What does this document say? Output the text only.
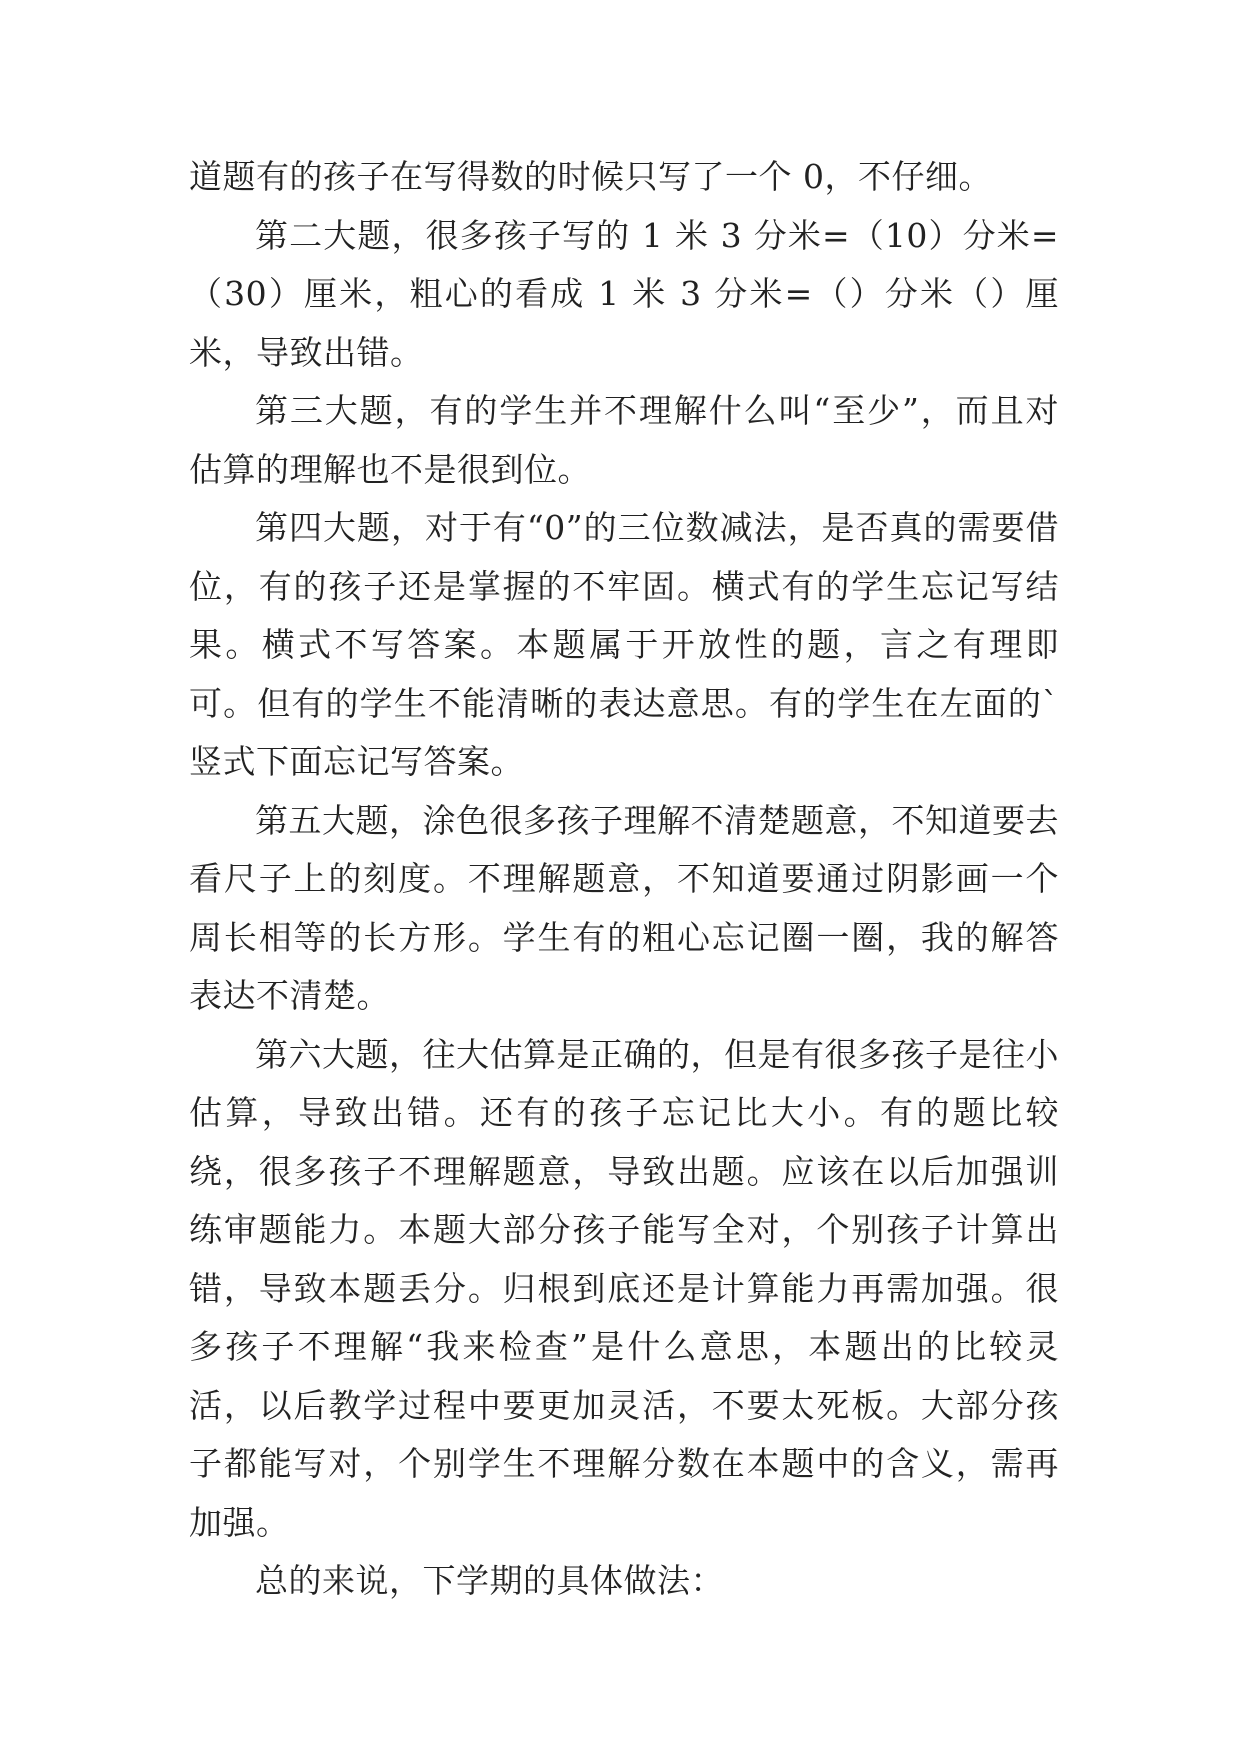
道题有的孩子在写得数的时候只写了一个 0，不仔细。

第二大题，很多孩子写的 1 米 3 分米=（10）分米=（30）厘米，粗心的看成 1 米 3 分米=（）分米（）厘米，导致出错。

第三大题，有的学生并不理解什么叫“至少”，而且对估算的理解也不是很到位。

第四大题，对于有“0”的三位数减法，是否真的需要借位，有的孩子还是掌握的不牢固。横式有的学生忘记写结果。横式不写答案。本题属于开放性的题，言之有理即可。但有的学生不能清晰的表达意思。有的学生在左面的`竖式下面忘记写答案。

第五大题，涂色很多孩子理解不清楚题意，不知道要去看尺子上的刻度。不理解题意，不知道要通过阴影画一个周长相等的长方形。学生有的粗心忘记圈一圈，我的解答表达不清楚。

第六大题，往大估算是正确的，但是有很多孩子是往小估算，导致出错。还有的孩子忘记比大小。有的题比较绕，很多孩子不理解题意，导致出题。应该在以后加强训练审题能力。本题大部分孩子能写全对，个别孩子计算出错，导致本题丢分。归根到底还是计算能力再需加强。很多孩子不理解“我来检查”是什么意思，本题出的比较灵活，以后教学过程中要更加灵活，不要太死板。大部分孩子都能写对，个别学生不理解分数在本题中的含义，需再加强。

总的来说，下学期的具体做法：
